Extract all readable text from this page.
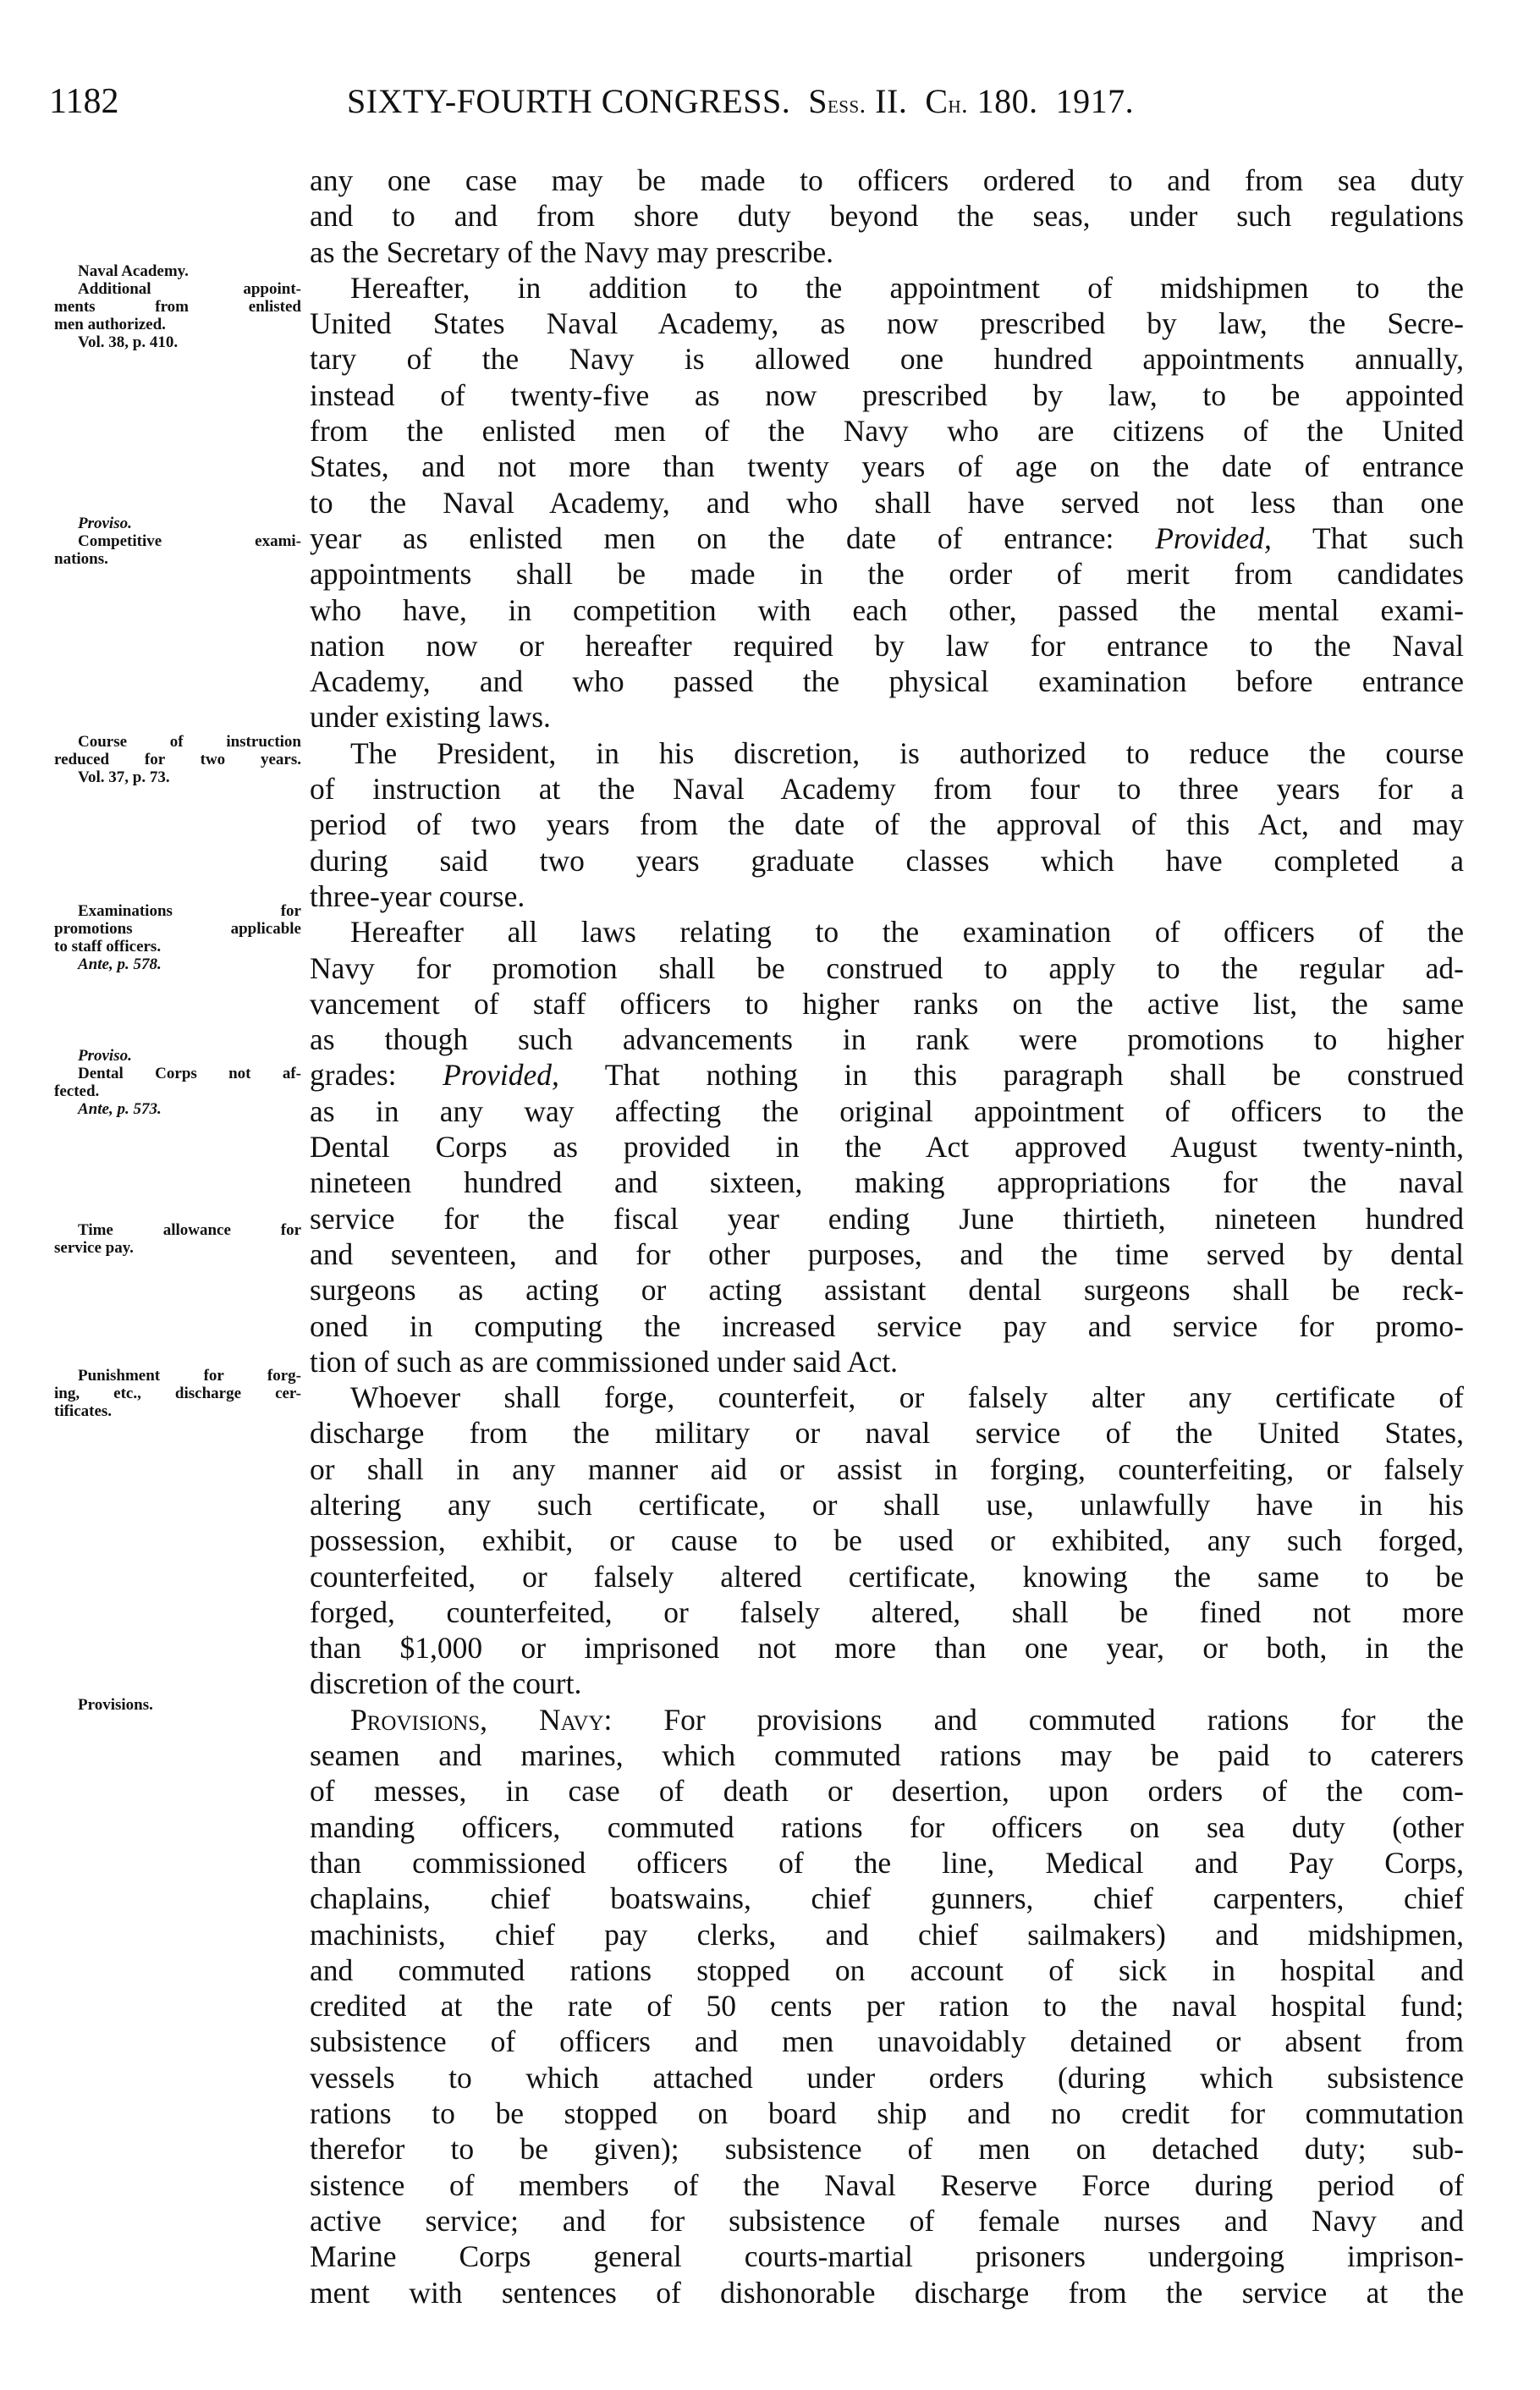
1182	SIXTY-FOURTH CONGRESS. Sess. II. Ch. 180. 1917.
Naval Academy.
Additional appoint-
ments from enlisted
men authorized.
Vol. 38, p. 410.
Proviso.
Competitive exami-
nations.
Course of instruction
reduced for two years.
Vol. 37, p. 73.
Examinations for
promotions applicable
to staff officers.
Ante, p. 578.
Proviso.
Dental Corps not af-
fected.
Ante, p. 573.
Time allowance for
service pay.
Punishment for forg-
ing, etc., discharge cer-
tificates.
Provisions.
any one case may be made to officers ordered to and from sea duty
and to and from shore duty beyond the seas, under such regulations
as the Secretary of the Navy may prescribe.
Hereafter, in addition to the appointment of midshipmen to the
United States Naval Academy, as now prescribed by law, the Secre-
tary of the Navy is allowed one hundred appointments annually,
instead of twenty-five as now prescribed by law, to be appointed
from the enlisted men of the Navy who are citizens of the United
States, and not more than twenty years of age on the date of entrance
to the Naval Academy, and who shall have served not less than one
year as enlisted men on the date of entrance: Provided, That such
appointments shall be made in the order of merit from candidates
who have, in competition with each other, passed the mental exami-
nation now or hereafter required by law for entrance to the Naval
Academy, and who passed the physical examination before entrance
under existing laws.
The President, in his discretion, is authorized to reduce the course
of instruction at the Naval Academy from four to three years for a
period of two years from the date of the approval of this Act, and may
during said two years graduate classes which have completed a
three-year course.
Hereafter all laws relating to the examination of officers of the
Navy for promotion shall be construed to apply to the regular ad-
vancement of staff officers to higher ranks on the active list, the same
as though such advancements in rank were promotions to higher
grades: Provided, That nothing in this paragraph shall be construed
as in any way affecting the original appointment of officers to the
Dental Corps as provided in the Act approved August twenty-ninth,
nineteen hundred and sixteen, making appropriations for the naval
service for the fiscal year ending June thirtieth, nineteen hundred
and seventeen, and for other purposes, and the time served by dental
surgeons as acting or acting assistant dental surgeons shall be reck-
oned in computing the increased service pay and service for promo-
tion of such as are commissioned under said Act.
Whoever shall forge, counterfeit, or falsely alter any certificate of
discharge from the military or naval service of the United States,
or shall in any manner aid or assist in forging, counterfeiting, or falsely
altering any such certificate, or shall use, unlawfully have in his
possession, exhibit, or cause to be used or exhibited, any such forged,
counterfeited, or falsely altered certificate, knowing the same to be
forged, counterfeited, or falsely altered, shall be fined not more
than $1,000 or imprisoned not more than one year, or both, in the
discretion of the court.
Provisions, Navy: For provisions and commuted rations for the
seamen and marines, which commuted rations may be paid to caterers
of messes, in case of death or desertion, upon orders of the com-
manding officers, commuted rations for officers on sea duty (other
than commissioned officers of the line, Medical and Pay Corps,
chaplains, chief boatswains, chief gunners, chief carpenters, chief
machinists, chief pay clerks, and chief sailmakers) and midshipmen,
and commuted rations stopped on account of sick in hospital and
credited at the rate of 50 cents per ration to the naval hospital fund;
subsistence of officers and men unavoidably detained or absent from
vessels to which attached under orders (during which subsistence
rations to be stopped on board ship and no credit for commutation
therefor to be given); subsistence of men on detached duty; sub-
sistence of members of the Naval Reserve Force during period of
active service; and for subsistence of female nurses and Navy and
Marine Corps general courts-martial prisoners undergoing imprison-
ment with sentences of dishonorable discharge from the service at the
